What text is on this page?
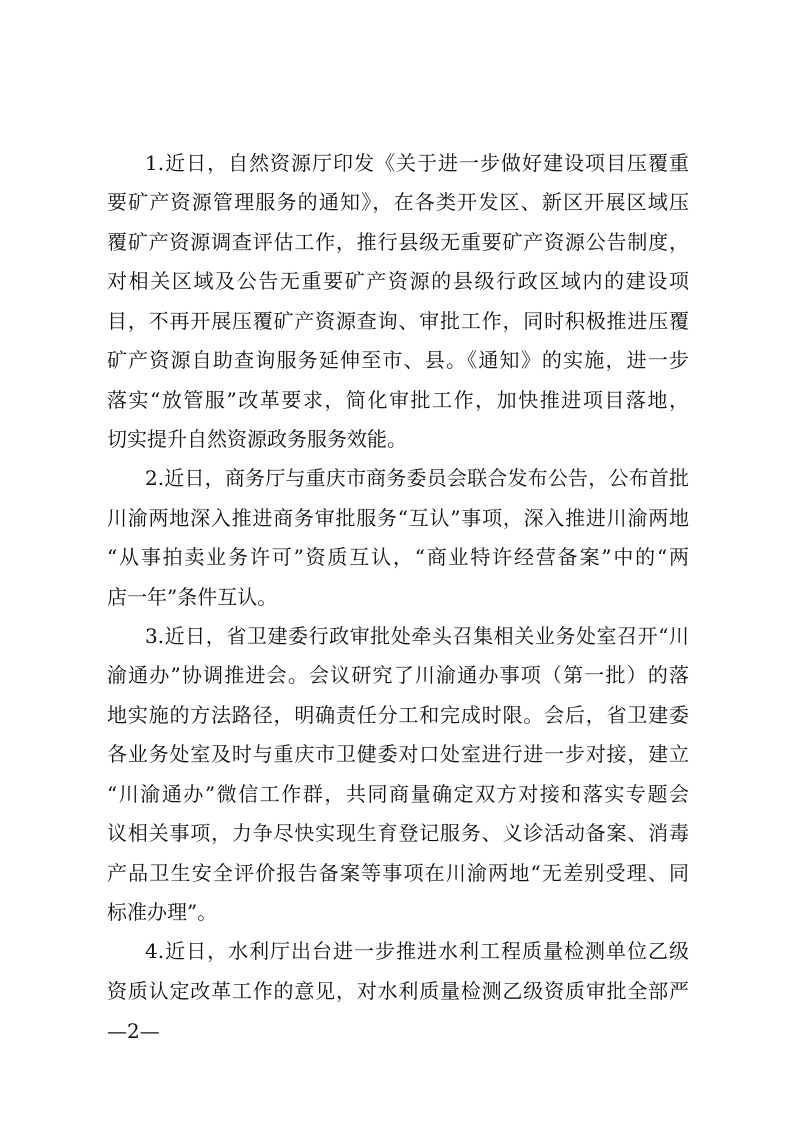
1.近日，自然资源厅印发《关于进一步做好建设项目压覆重
要矿产资源管理服务的通知》，在各类开发区、新区开展区域压
覆矿产资源调查评估工作，推行县级无重要矿产资源公告制度，
对相关区域及公告无重要矿产资源的县级行政区域内的建设项
目，不再开展压覆矿产资源查询、审批工作，同时积极推进压覆
矿产资源自助查询服务延伸至市、县。《通知》的实施，进一步
落实“放管服”改革要求，简化审批工作，加快推进项目落地，
切实提升自然资源政务服务效能。
2.近日，商务厅与重庆市商务委员会联合发布公告，公布首批
川渝两地深入推进商务审批服务“互认”事项，深入推进川渝两地
“从事拍卖业务许可”资质互认，“商业特许经营备案”中的“两
店一年”条件互认。
3.近日，省卫建委行政审批处牵头召集相关业务处室召开“川
渝通办”协调推进会。会议研究了川渝通办事项（第一批）的落
地实施的方法路径，明确责任分工和完成时限。会后，省卫建委
各业务处室及时与重庆市卫健委对口处室进行进一步对接，建立
“川渝通办”微信工作群，共同商量确定双方对接和落实专题会
议相关事项，力争尽快实现生育登记服务、义诊活动备案、消毒
产品卫生安全评价报告备案等事项在川渝两地“无差别受理、同
标准办理”。
4.近日，水利厅出台进一步推进水利工程质量检测单位乙级
资质认定改革工作的意见，对水利质量检测乙级资质审批全部严
—2—
